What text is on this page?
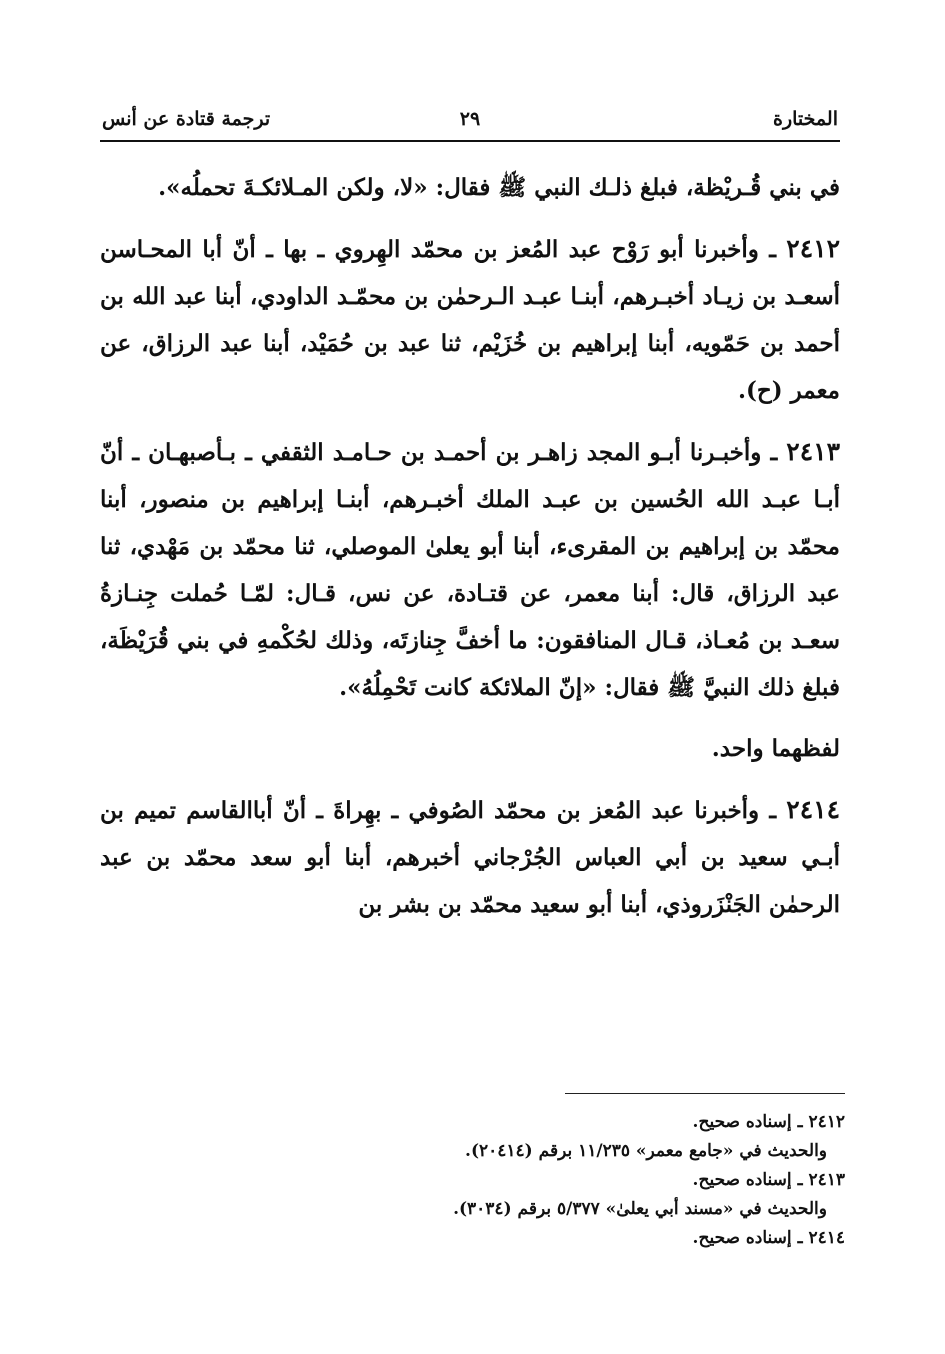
المختارة
٢٩
ترجمة قتادة عن أنس

في بني قُـريْظة، فبلغ ذلـك النبي ﷺ فقال: «لا، ولكن المـلائكـةَ تحملُه».

٢٤١٢ ـ وأخبرنا أبو رَوْح عبد المُعز بن محمّد الهِروي ـ بها ـ أنّ أبا المحـاسن أسعـد بن زيـاد أخبـرهم، أبنـا عبـد الـرحمٰن بن محمّـد الداودي، أبنا عبد الله بن أحمد بن حَمّويه، أبنا إبراهيم بن خُزَيْم، ثنا عبد بن حُمَيْد، أبنا عبد الرزاق، عن معمر (ح).

٢٤١٣ ـ وأخبـرنا أبـو المجد زاهـر بن أحمـد بن حـامـد الثقفي ـ بـأصبهـان ـ أنّ أبـا عبـد الله الحُسين بن عبـد الملك أخبـرهم، أبنـا إبراهيم بن منصور، أبنا محمّد بن إبراهيم بن المقرىء، أبنا أبو يعلىٰ الموصلي، ثنا محمّد بن مَهْدي، ثنا عبد الرزاق، قال: أبنا معمر، عن قتـادة، عن نس، قـال: لمّـا حُملت جِنـازةُ سعـد بن مُعـاذ، قـال المنافقون: ما أخفَّ جِنازتَه، وذلك لحُكْمهِ في بني قُرَيْظَة، فبلغ ذلك النبيَّ ﷺ فقال: «إنّ الملائكة كانت تَحْمِلُهُ».

لفظهما واحد.

٢٤١٤ ـ وأخبرنا عبد المُعز بن محمّد الصُوفي ـ بهِراةَ ـ أنّ أباالقاسم تميم بن أبـي سعيد بن أبي العباس الجُرْجاني أخبرهم، أبنا أبو سعد محمّد بن عبد الرحمٰن الجَنْزَروذي، أبنا أبو سعيد محمّد بن بشر بن

٢٤١٢ ـ إسناده صحيح.

والحديث في «جامع معمر» ١١/٢٣٥ برقم (٢٠٤١٤).

٢٤١٣ ـ إسناده صحيح.

والحديث في «مسند أبي يعلىٰ» ٥/٣٧٧ برقم (٣٠٣٤).

٢٤١٤ ـ إسناده صحيح.
